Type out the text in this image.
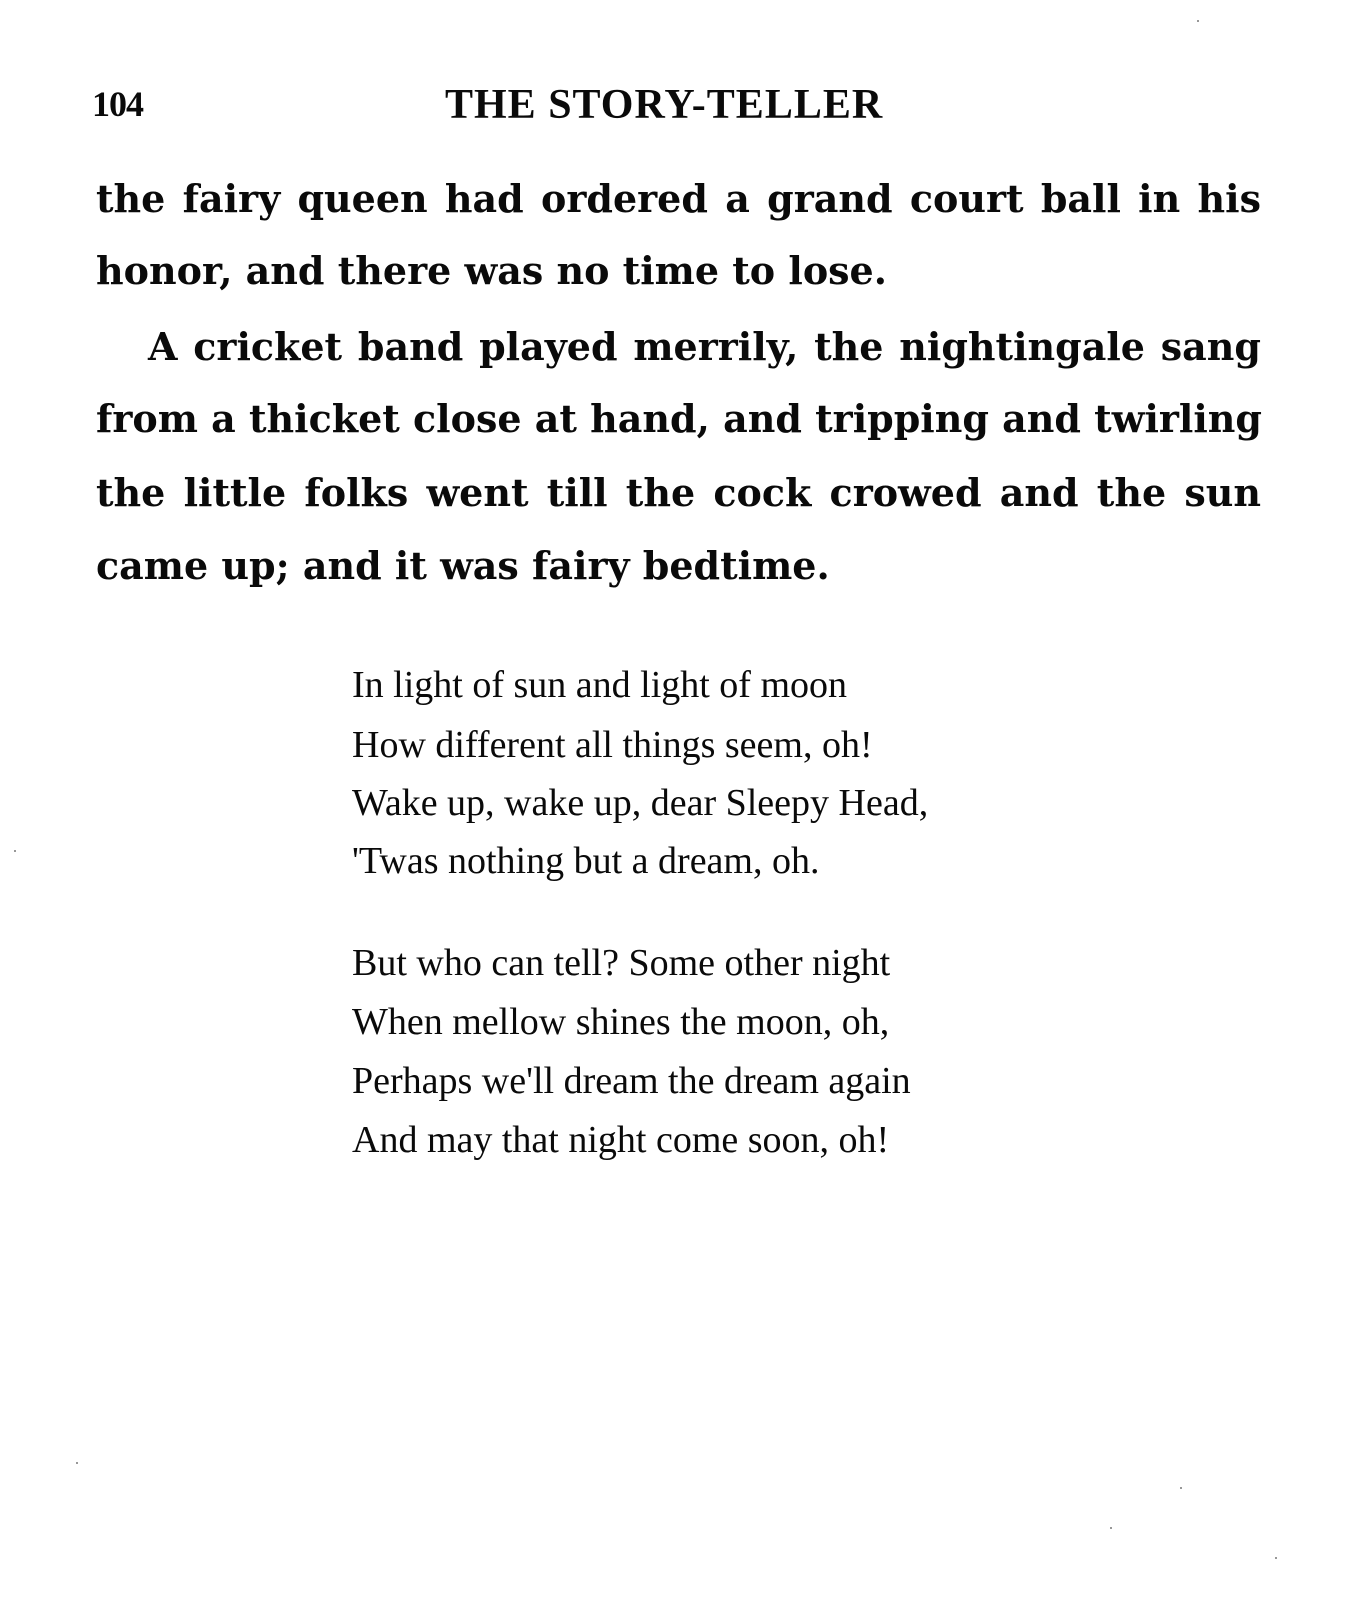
104	THE STORY-TELLER
the fairy queen had ordered a grand court ball in his
honor, and there was no time to lose.
A cricket band played merrily, the nightingale sang
from a thicket close at hand, and tripping and twirling
the little folks went till the cock crowed and the sun
came up; and it was fairy bedtime.
In light of sun and light of moon
How different all things seem, oh!
Wake up, wake up, dear Sleepy Head,
'Twas nothing but a dream, oh.
But who can tell? Some other night
When mellow shines the moon, oh,
Perhaps we'll dream the dream again
And may that night come soon, oh!
